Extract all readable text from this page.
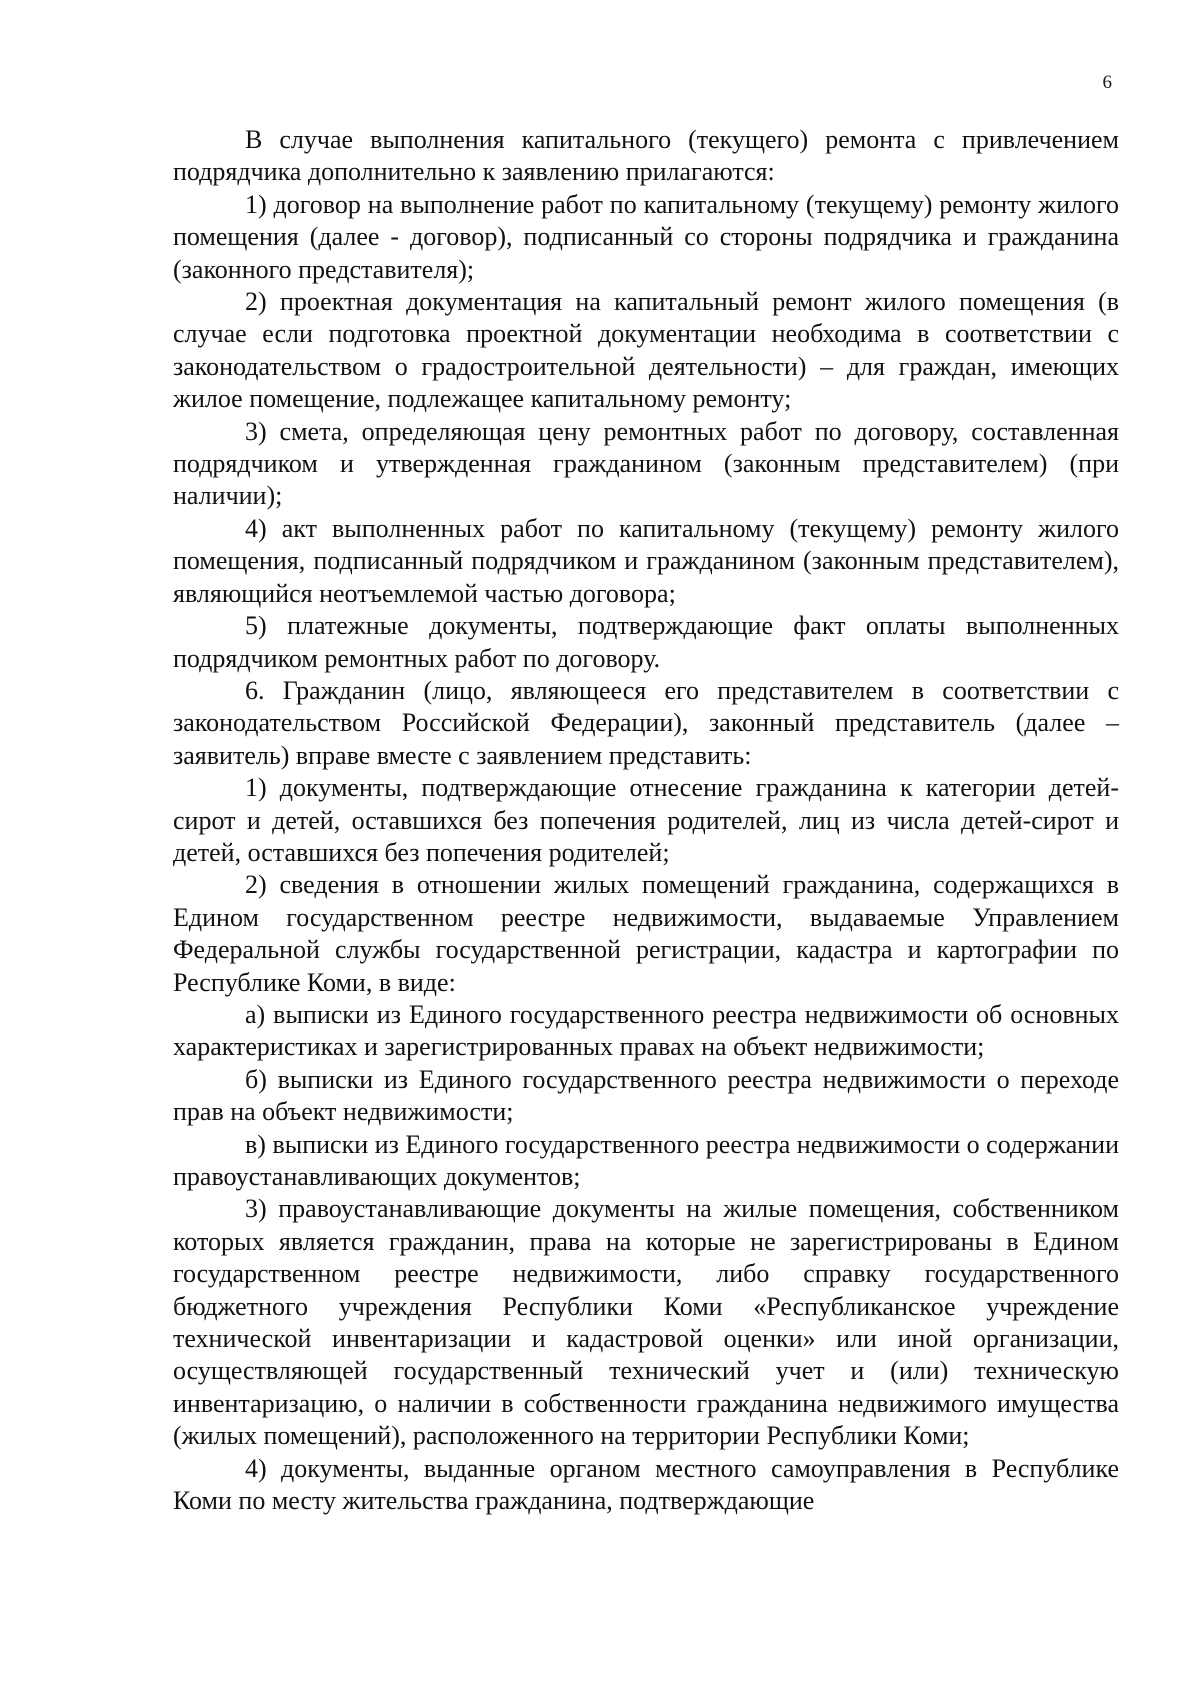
6

В случае выполнения капитального (текущего) ремонта с привлечением подрядчика дополнительно к заявлению прилагаются:

1) договор на выполнение работ по капитальному (текущему) ремонту жилого помещения (далее - договор), подписанный со стороны подрядчика и гражданина (законного представителя);

2) проектная документация на капитальный ремонт жилого помещения (в случае если подготовка проектной документации необходима в соответствии с законодательством о градостроительной деятельности) – для граждан, имеющих жилое помещение, подлежащее капитальному ремонту;

3) смета, определяющая цену ремонтных работ по договору, составленная подрядчиком и утвержденная гражданином (законным представителем) (при наличии);

4) акт выполненных работ по капитальному (текущему) ремонту жилого помещения, подписанный подрядчиком и гражданином (законным представителем), являющийся неотъемлемой частью договора;

5) платежные документы, подтверждающие факт оплаты выполненных подрядчиком ремонтных работ по договору.

6. Гражданин (лицо, являющееся его представителем в соответствии с законодательством Российской Федерации), законный представитель (далее – заявитель) вправе вместе с заявлением представить:

1) документы, подтверждающие отнесение гражданина к категории детей-сирот и детей, оставшихся без попечения родителей, лиц из числа детей-сирот и детей, оставшихся без попечения родителей;

2) сведения в отношении жилых помещений гражданина, содержащихся в Едином государственном реестре недвижимости, выдаваемые Управлением Федеральной службы государственной регистрации, кадастра и картографии по Республике Коми, в виде:

а) выписки из Единого государственного реестра недвижимости об основных характеристиках и зарегистрированных правах на объект недвижимости;

б) выписки из Единого государственного реестра недвижимости о переходе прав на объект недвижимости;

в) выписки из Единого государственного реестра недвижимости о содержании правоустанавливающих документов;

3) правоустанавливающие документы на жилые помещения, собственником которых является гражданин, права на которые не зарегистрированы в Едином государственном реестре недвижимости, либо справку государственного бюджетного учреждения Республики Коми «Республиканское учреждение технической инвентаризации и кадастровой оценки» или иной организации, осуществляющей государственный технический учет и (или) техническую инвентаризацию, о наличии в собственности гражданина недвижимого имущества (жилых помещений), расположенного на территории Республики Коми;

4) документы, выданные органом местного самоуправления в Республике Коми по месту жительства гражданина, подтверждающие
